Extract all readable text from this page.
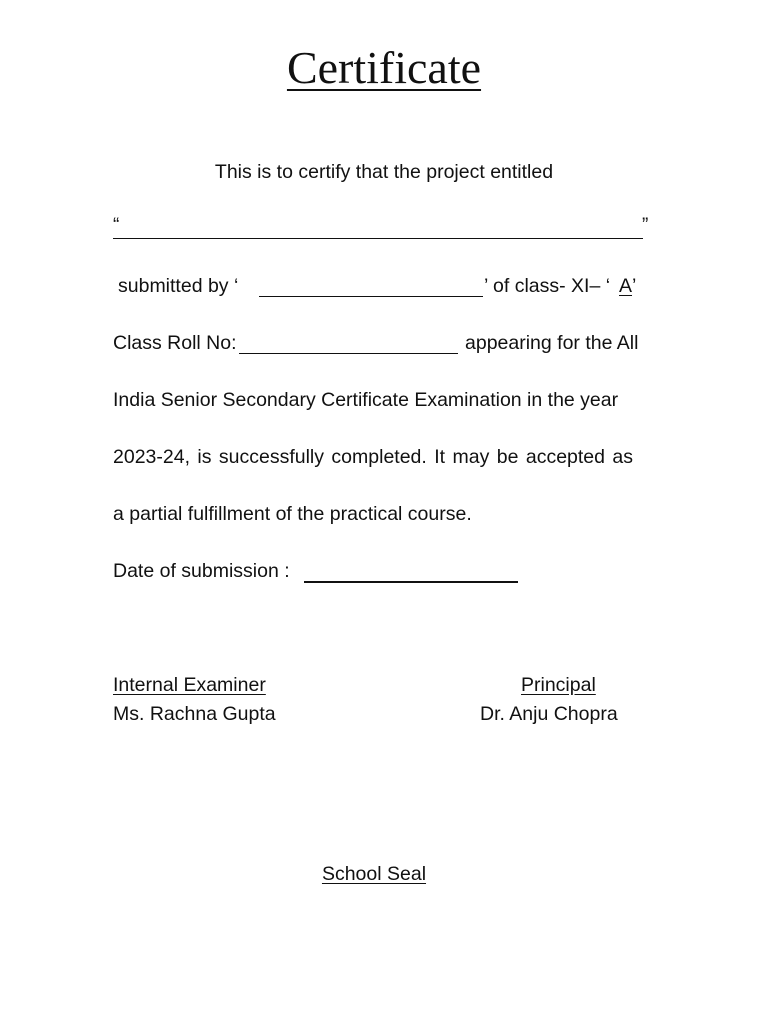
Certificate
This is to certify that the project entitled
“	”
submitted by ‘	’ of class- XI– ‘ A ’
Class Roll No:	appearing for the All
India Senior Secondary Certificate Examination in the year
2023-24, is successfully completed. It may be accepted as
a partial fulfillment of the practical course.
Date of submission :
Internal Examiner
Ms. Rachna Gupta
Principal
Dr. Anju Chopra
School Seal
